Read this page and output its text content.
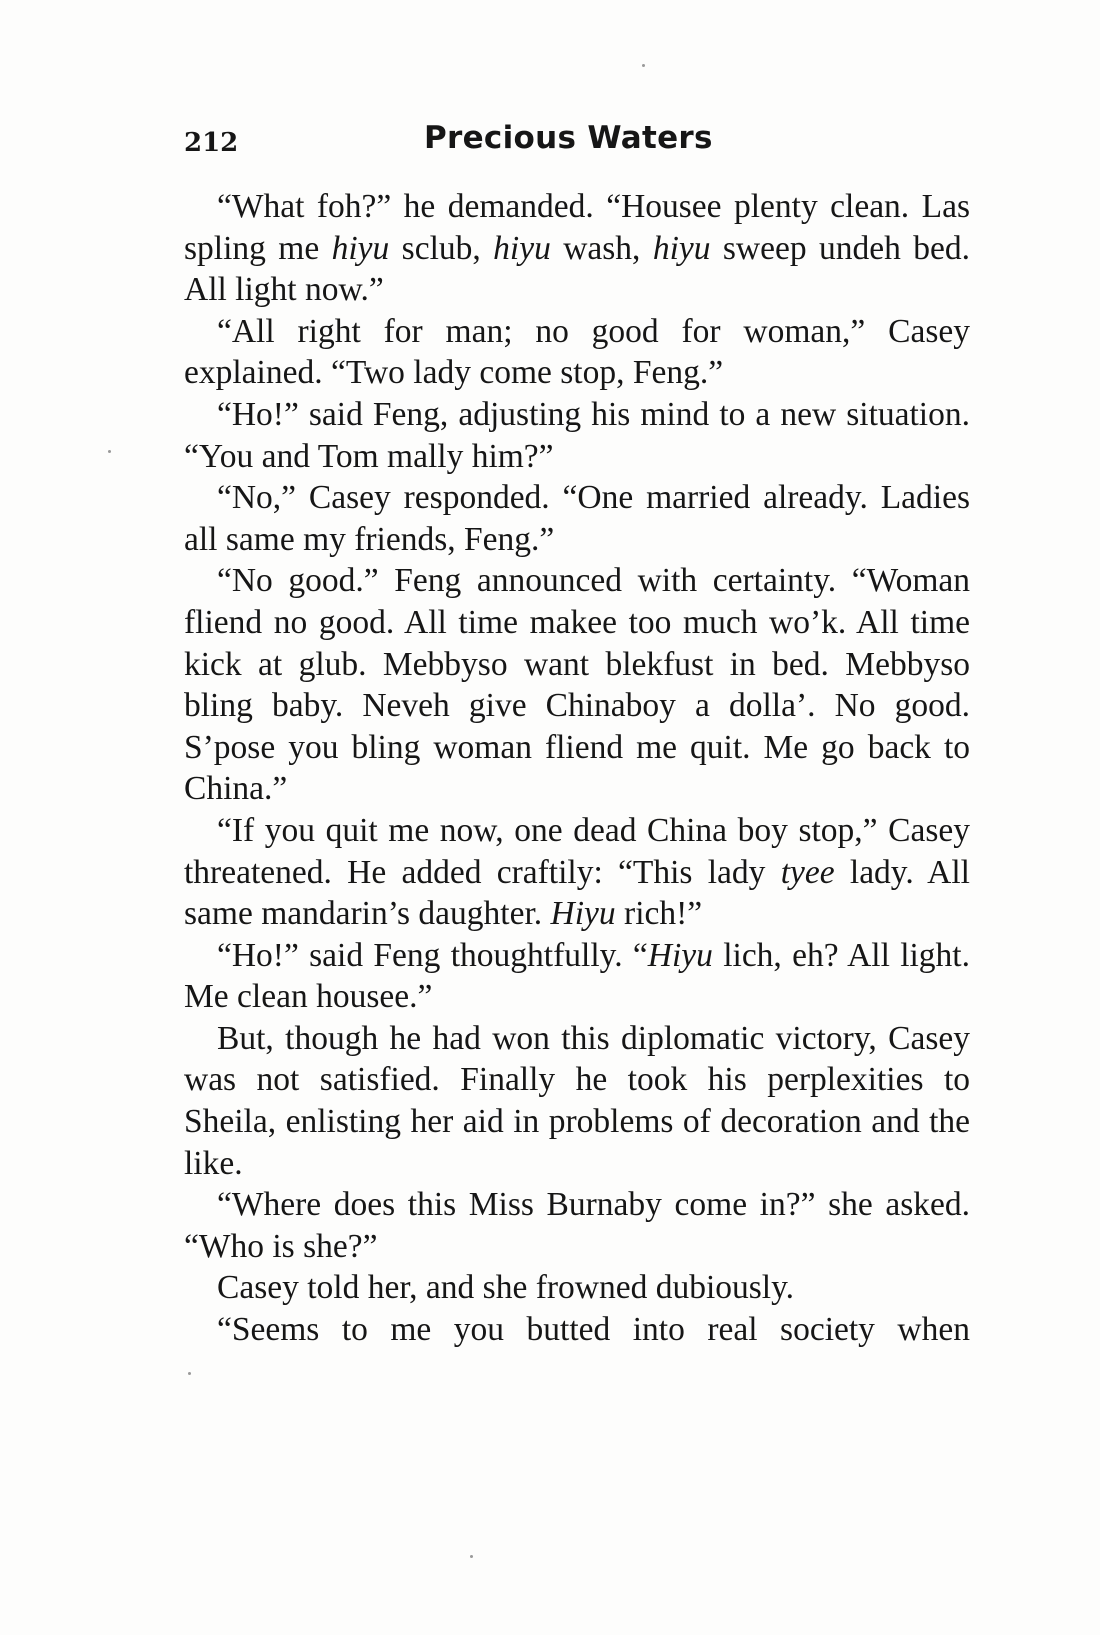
212	Precious Waters

“What foh?” he demanded. “Housee plenty clean. Las spling me hiyu sclub, hiyu wash, hiyu sweep undeh bed. All light now.”

“All right for man; no good for woman,” Casey explained. “Two lady come stop, Feng.”

“Ho!” said Feng, adjusting his mind to a new situation. “You and Tom mally him?”

“No,” Casey responded. “One married already. Ladies all same my friends, Feng.”

“No good.” Feng announced with certainty. “Woman fliend no good. All time makee too much wo’k. All time kick at glub. Mebbyso want blekfust in bed. Mebbyso bling baby. Neveh give Chinaboy a dolla’. No good. S’pose you bling woman fliend me quit. Me go back to China.”

“If you quit me now, one dead China boy stop,” Casey threatened. He added craftily: “This lady tyee lady. All same mandarin’s daughter. Hiyu rich!”

“Ho!” said Feng thoughtfully. “Hiyu lich, eh? All light. Me clean housee.”

But, though he had won this diplomatic victory, Casey was not satisfied. Finally he took his perplexities to Sheila, enlisting her aid in problems of decoration and the like.

“Where does this Miss Burnaby come in?” she asked. “Who is she?”

Casey told her, and she frowned dubiously.

“Seems to me you butted into real society when
